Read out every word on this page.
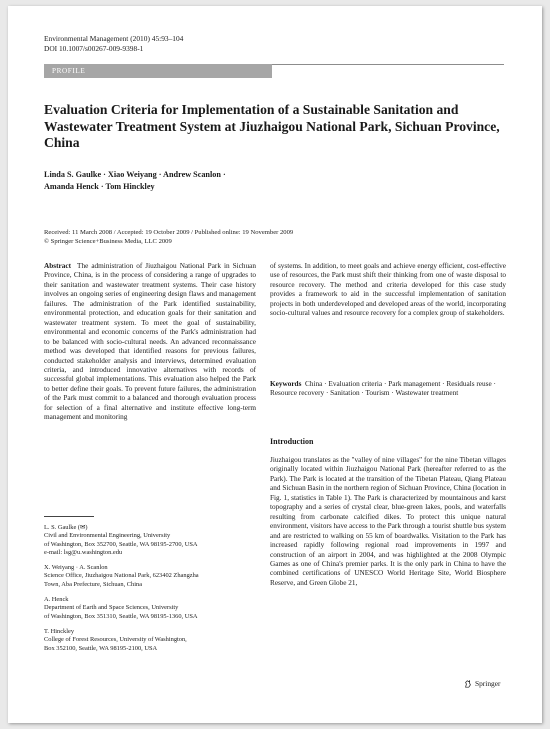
Environmental Management (2010) 45:93–104
DOI 10.1007/s00267-009-9398-1
PROFILE
Evaluation Criteria for Implementation of a Sustainable Sanitation and Wastewater Treatment System at Jiuzhaigou National Park, Sichuan Province, China
Linda S. Gaulke · Xiao Weiyang · Andrew Scanlon ·
Amanda Henck · Tom Hinckley
Received: 11 March 2008 / Accepted: 19 October 2009 / Published online: 19 November 2009
© Springer Science+Business Media, LLC 2009

Abstract The administration of Jiuzhaigou National Park in Sichuan Province, China, is in the process of considering a range of upgrades to their sanitation and wastewater treatment systems. Their case history involves an ongoing series of engineering design flaws and management failures. The administration of the Park identified sustainability, environmental protection, and education goals for their sanitation and wastewater treatment system. To meet the goal of sustainability, environmental and economic concerns of the Park's administration had to be balanced with socio-cultural needs. An advanced reconnaissance method was developed that identified reasons for previous failures, conducted stakeholder analysis and interviews, determined evaluation criteria, and introduced innovative alternatives with records of successful global implementations. This evaluation also helped the Park to better define their goals. To prevent future failures, the administration of the Park must commit to a balanced and thorough evaluation process for selection of a final alternative and institute effective long-term management and monitoring

of systems. In addition, to meet goals and achieve energy efficient, cost-effective use of resources, the Park must shift their thinking from one of waste disposal to resource recovery. The method and criteria developed for this case study provides a framework to aid in the successful implementation of sanitation projects in both underdeveloped and developed areas of the world, incorporating socio-cultural values and resource recovery for a complex group of stakeholders.

Keywords China · Evaluation criteria · Park management · Residuals reuse · Resource recovery · Sanitation · Tourism · Wastewater treatment
Introduction

Jiuzhaigou translates as the "valley of nine villages" for the nine Tibetan villages originally located within Jiuzhaigou National Park (hereafter referred to as the Park). The Park is located at the transition of the Tibetan Plateau, Qiang Plateau and Sichuan Basin in the northern region of Sichuan Province, China (location in Fig. 1, statistics in Table 1). The Park is characterized by mountainous and karst topography and a series of crystal clear, blue-green lakes, pools, and waterfalls resulting from carbonate calcified dikes. To protect this unique natural environment, visitors have access to the Park through a tourist shuttle bus system and are restricted to walking on 55 km of boardwalks. Visitation to the Park has increased rapidly following regional road improvements in 1997 and construction of an airport in 2004, and was highlighted at the 2008 Olympic Games as one of China's premier parks. It is the only park in China to have the combined certifications of UNESCO World Heritage Site, World Biosphere Reserve, and Green Globe 21,

L. S. Gaulke (✉)
Civil and Environmental Engineering, University
of Washington, Box 352700, Seattle, WA 98195-2700, USA
e-mail: lsg@u.washington.edu
X. Weiyang · A. Scanlon
Science Office, Jiuzhaigou National Park, 623402 Zhangzha
Town, Aba Prefecture, Sichuan, China
A. Henck
Department of Earth and Space Sciences, University
of Washington, Box 351310, Seattle, WA 98195-1360, USA
T. Hinckley
College of Forest Resources, University of Washington,
Box 352100, Seattle, WA 98195-2100, USA
Springer
